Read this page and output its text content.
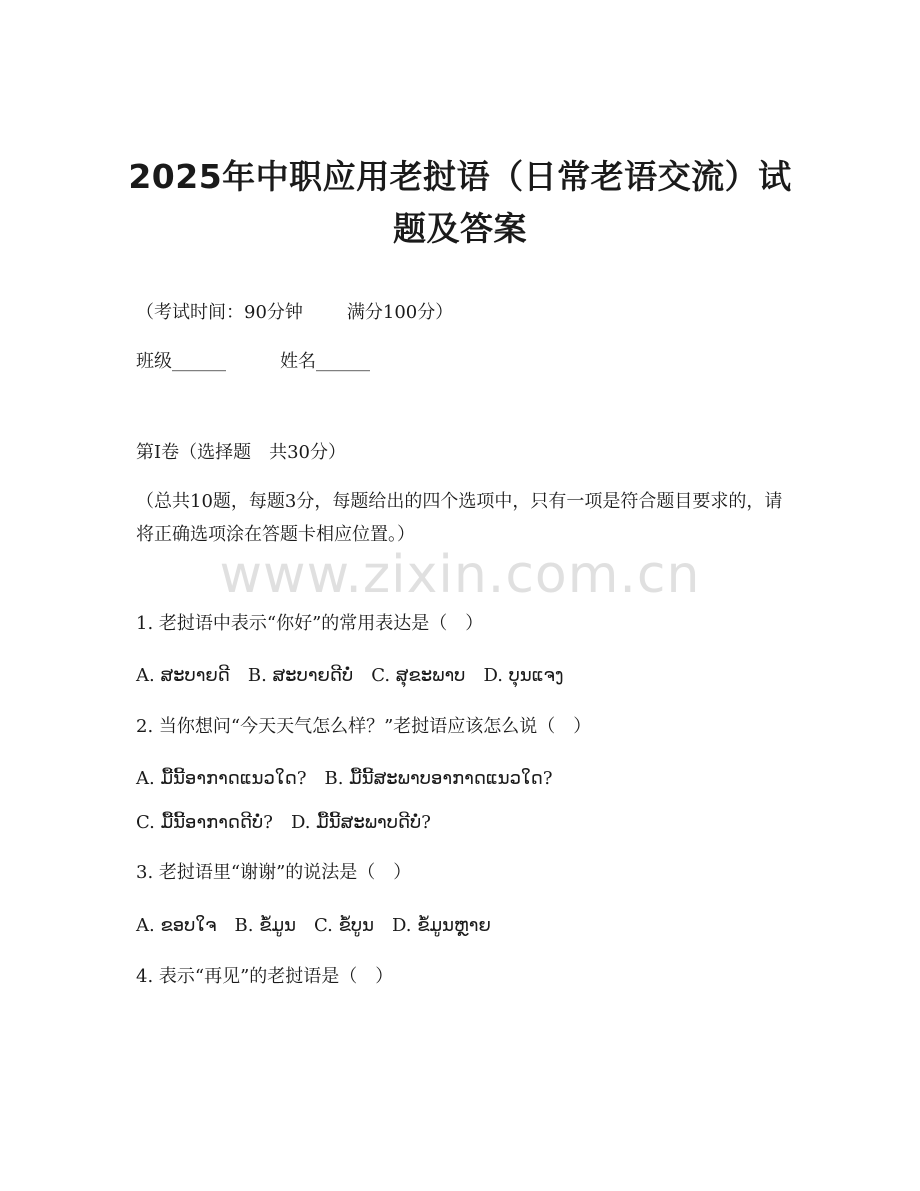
2025年中职应用老挝语（日常老语交流）试
题及答案
（考试时间：90分钟 满分100分）
班级______	姓名______
第I卷（选择题　共30分）
（总共10题，每题3分，每题给出的四个选项中，只有一项是符合题目要求的，请将正确选项涂在答题卡相应位置。）
www.zixin.com.cn
1. 老挝语中表示“你好”的常用表达是（　）
A. ສະບາຍດີ B. ສະບາຍດີບໍ່ C. ສຸຂະພາບ D. ບຸນແຈງ
2. 当你想问“今天天气怎么样？”老挝语应该怎么说（　）
A. ມື້ນີ້ອາກາດແນວໃດ? B. ມື້ນີ້ສະພາບອາກາດແນວໃດ?
C. ມື້ນີ້ອາກາດດີບໍ່? D. ມື້ນີ້ສະພາບດີບໍ່?
3. 老挝语里“谢谢”的说法是（　）
A. ຂອບໃຈ B. ຂໍ້ມູນ C. ຂໍ້ບູນ D. ຂໍ້ມູນຫຼາຍ
4. 表示“再见”的老挝语是（　）
